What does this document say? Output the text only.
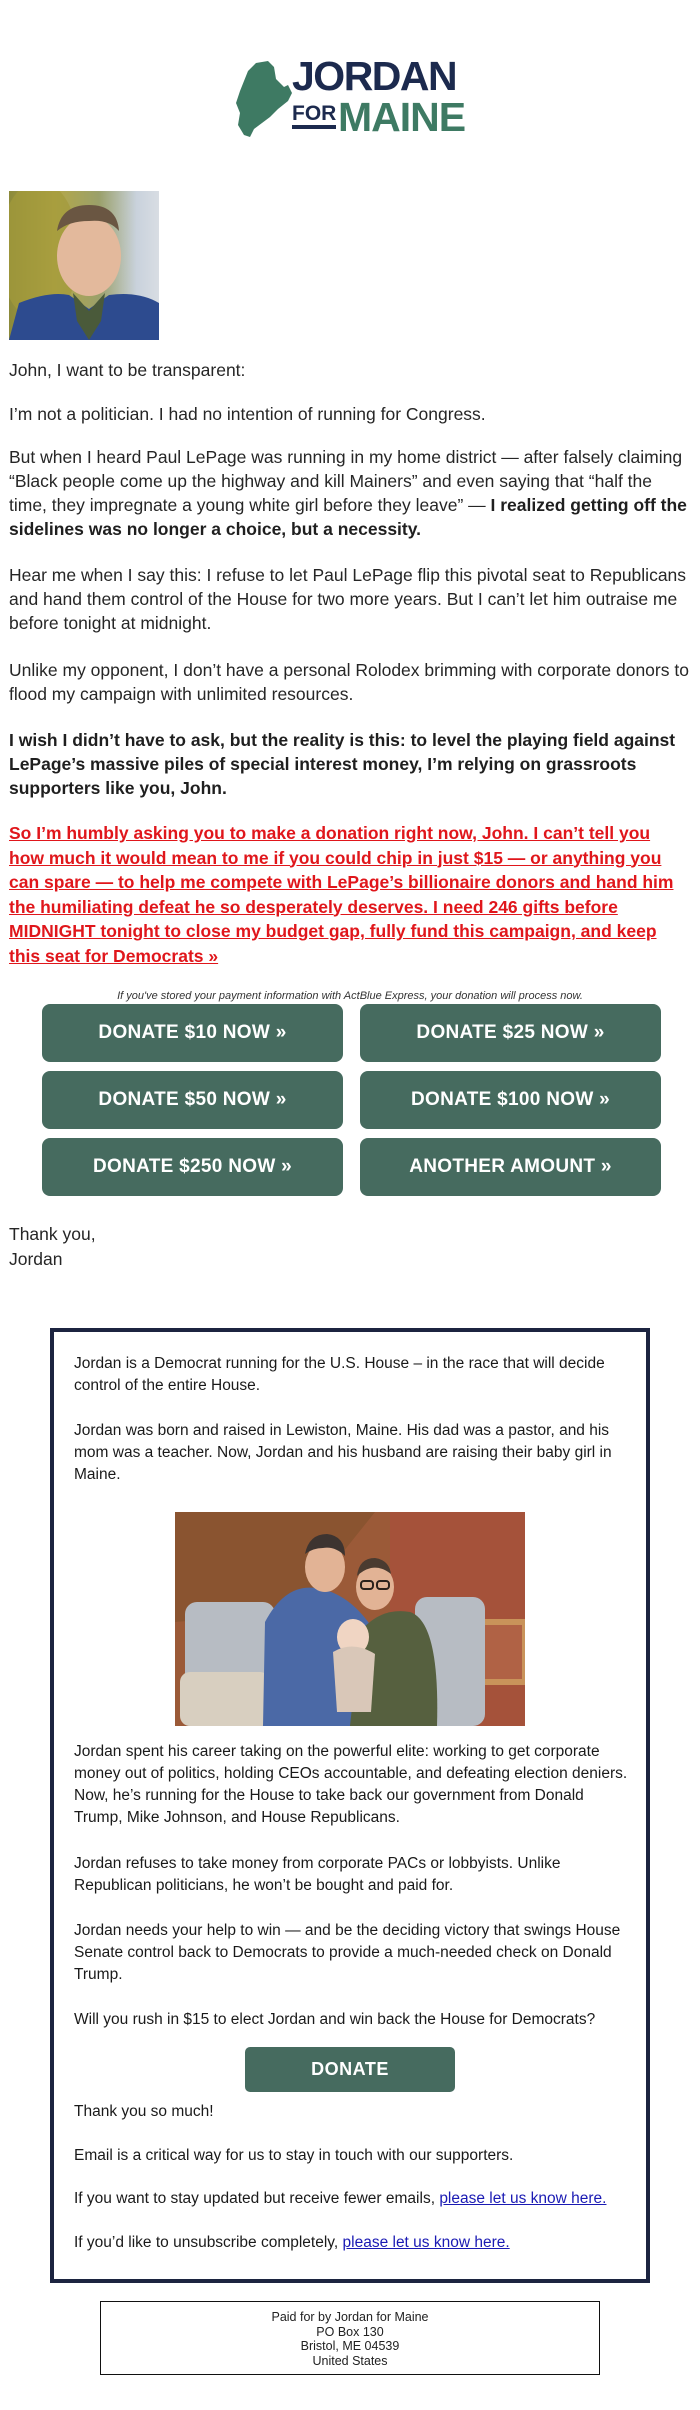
JORDAN
FOR MAINE

John, I want to be transparent:

I’m not a politician. I had no intention of running for Congress.

But when I heard Paul LePage was running in my home district — after falsely claiming “Black people come up the highway and kill Mainers” and even saying that “half the time, they impregnate a young white girl before they leave” — I realized getting off the sidelines was no longer a choice, but a necessity.

Hear me when I say this: I refuse to let Paul LePage flip this pivotal seat to Republicans and hand them control of the House for two more years. But I can’t let him outraise me before tonight at midnight.

Unlike my opponent, I don’t have a personal Rolodex brimming with corporate donors to flood my campaign with unlimited resources.

I wish I didn’t have to ask, but the reality is this: to level the playing field against LePage’s massive piles of special interest money, I’m relying on grassroots supporters like you, John.

So I’m humbly asking you to make a donation right now, John. I can’t tell you how much it would mean to me if you could chip in just $15 — or anything you can spare — to help me compete with LePage’s billionaire donors and hand him the humiliating defeat he so desperately deserves. I need 246 gifts before MIDNIGHT tonight to close my budget gap, fully fund this campaign, and keep this seat for Democrats »
If you've stored your payment information with ActBlue Express, your donation will process now.
DONATE $10 NOW »	DONATE $25 NOW »
DONATE $50 NOW »	DONATE $100 NOW »
DONATE $250 NOW »	ANOTHER AMOUNT »
Thank you,
Jordan

Jordan is a Democrat running for the U.S. House – in the race that will decide control of the entire House.

Jordan was born and raised in Lewiston, Maine. His dad was a pastor, and his mom was a teacher. Now, Jordan and his husband are raising their baby girl in Maine.

Jordan spent his career taking on the powerful elite: working to get corporate money out of politics, holding CEOs accountable, and defeating election deniers. Now, he’s running for the House to take back our government from Donald Trump, Mike Johnson, and House Republicans.

Jordan refuses to take money from corporate PACs or lobbyists. Unlike Republican politicians, he won’t be bought and paid for.

Jordan needs your help to win — and be the deciding victory that swings House Senate control back to Democrats to provide a much-needed check on Donald Trump.

Will you rush in $15 to elect Jordan and win back the House for Democrats?

DONATE

Thank you so much!

Email is a critical way for us to stay in touch with our supporters.

If you want to stay updated but receive fewer emails, please let us know here.

If you’d like to unsubscribe completely, please let us know here.

Paid for by Jordan for Maine
PO Box 130
Bristol, ME 04539
United States
